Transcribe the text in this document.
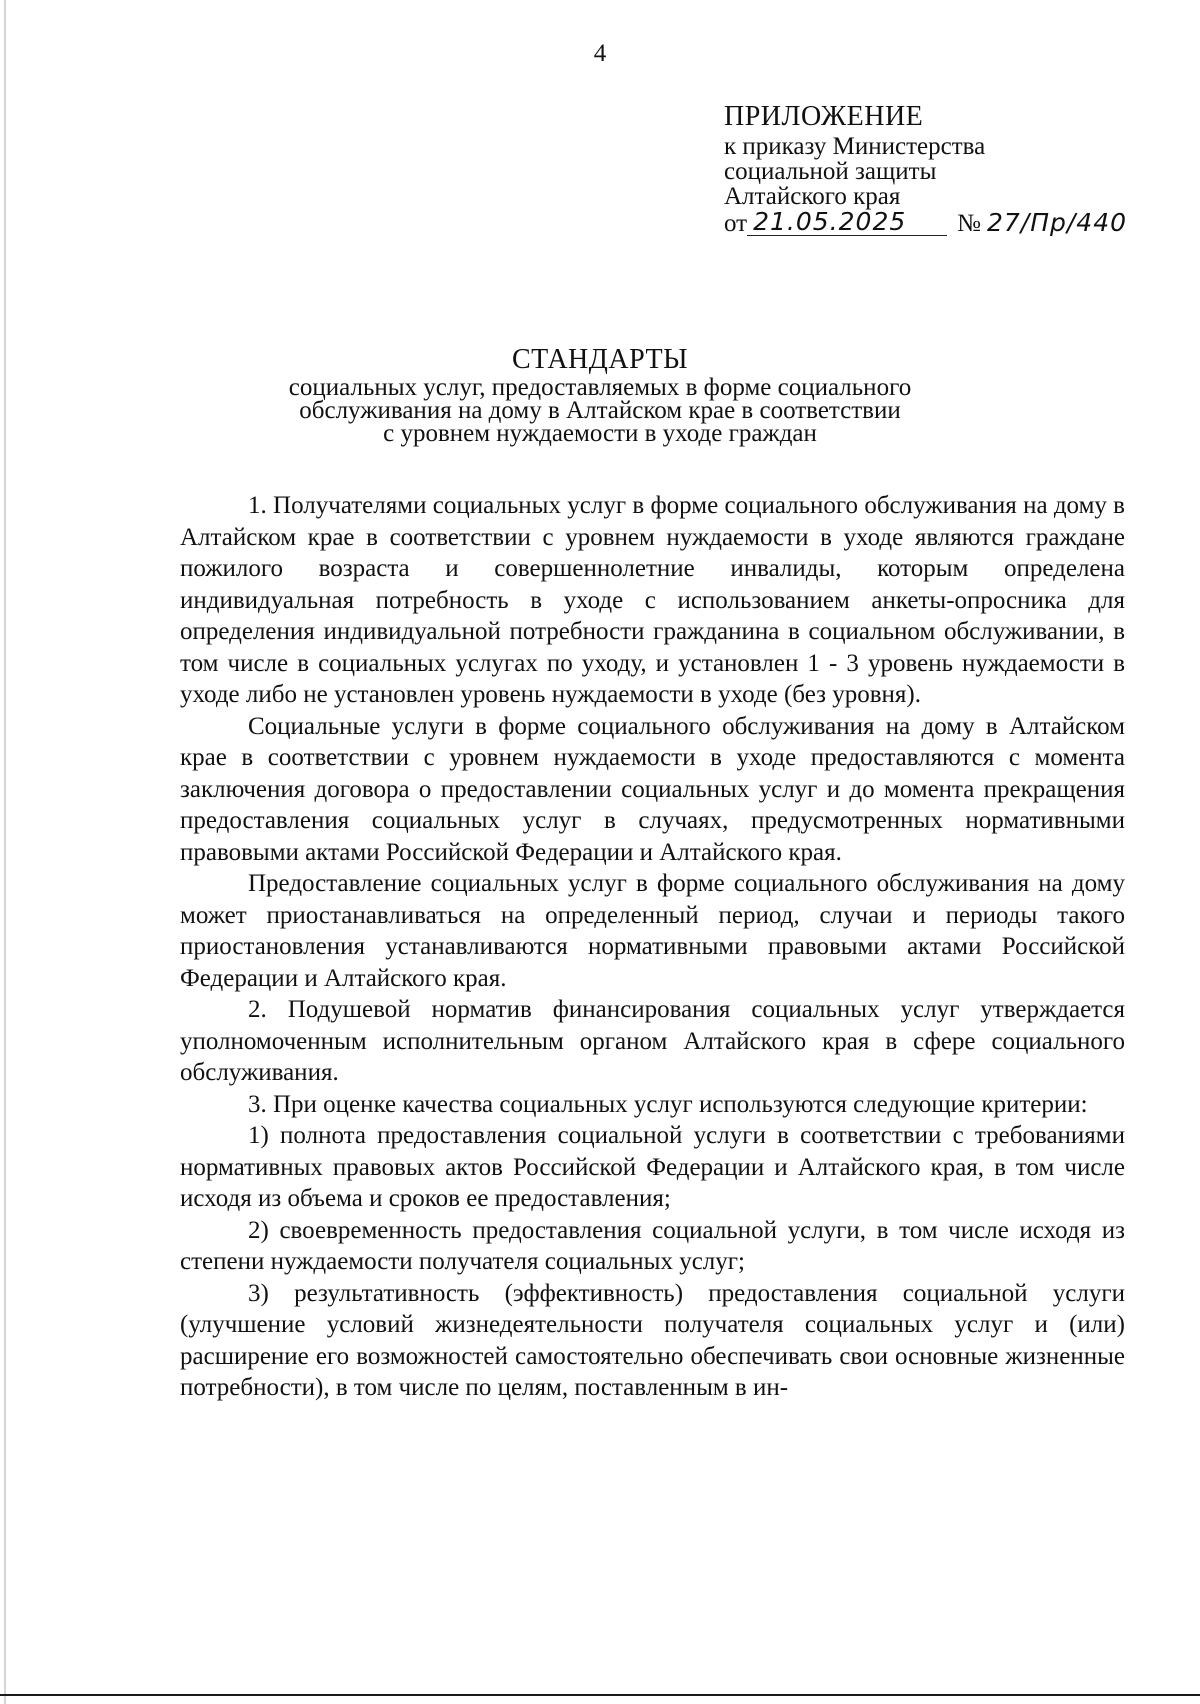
4
ПРИЛОЖЕНИЕ
к приказу Министерства
социальной защиты
Алтайского края
от 21.05.2025 № 27/Пр/440
СТАНДАРТЫ
социальных услуг, предоставляемых в форме социального
обслуживания на дому в Алтайском крае в соответствии
с уровнем нуждаемости в уходе граждан

1. Получателями социальных услуг в форме социального обслуживания на дому в Алтайском крае в соответствии с уровнем нуждаемости в уходе являются граждане пожилого возраста и совершеннолетние инвалиды, которым определена индивидуальная потребность в уходе с использованием анкеты-опросника для определения индивидуальной потребности гражданина в социальном обслуживании, в том числе в социальных услугах по уходу, и установлен 1 - 3 уровень нуждаемости в уходе либо не установлен уровень нуждаемости в уходе (без уровня).

Социальные услуги в форме социального обслуживания на дому в Алтайском крае в соответствии с уровнем нуждаемости в уходе предоставляются с момента заключения договора о предоставлении социальных услуг и до момента прекращения предоставления социальных услуг в случаях, предусмотренных нормативными правовыми актами Российской Федерации и Алтайского края.

Предоставление социальных услуг в форме социального обслуживания на дому может приостанавливаться на определенный период, случаи и периоды такого приостановления устанавливаются нормативными правовыми актами Российской Федерации и Алтайского края.

2. Подушевой норматив финансирования социальных услуг утверждается уполномоченным исполнительным органом Алтайского края в сфере социального обслуживания.

3. При оценке качества социальных услуг используются следующие критерии:

1) полнота предоставления социальной услуги в соответствии с требованиями нормативных правовых актов Российской Федерации и Алтайского края, в том числе исходя из объема и сроков ее предоставления;

2) своевременность предоставления социальной услуги, в том числе исходя из степени нуждаемости получателя социальных услуг;

3) результативность (эффективность) предоставления социальной услуги (улучшение условий жизнедеятельности получателя социальных услуг и (или) расширение его возможностей самостоятельно обеспечивать свои основные жизненные потребности), в том числе по целям, поставленным в ин-
